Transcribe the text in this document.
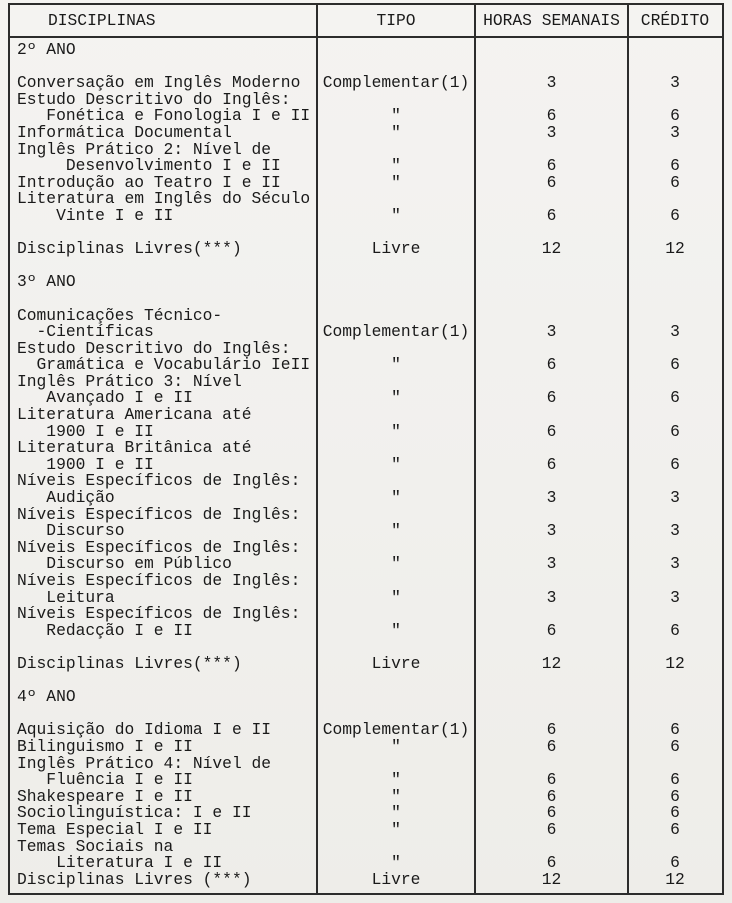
DISCIPLINAS	TIPO	HORAS SEMANAIS	CRÉDITO
2º ANO
Conversação em Inglês Moderno	Complementar(1)	3	3
Estudo Descritivo do Inglês:
Fonética e Fonologia I e II	"	6	6
Informática Documental	"	3	3
Inglês Prático 2: Nível de
Desenvolvimento I e II	"	6	6
Introdução ao Teatro I e II	"	6	6
Literatura em Inglês do Século
Vinte I e II	"	6	6
Disciplinas Livres(***)	Livre	12	12
3º ANO
Comunicações Técnico-
-Científicas	Complementar(1)	3	3
Estudo Descritivo do Inglês:
Gramática e Vocabulário IeII	"	6	6
Inglês Prático 3: Nível
Avançado I e II	"	6	6
Literatura Americana até
1900 I e II	"	6	6
Literatura Britânica até
1900 I e II	"	6	6
Níveis Específicos de Inglês:
Audição	"	3	3
Níveis Específicos de Inglês:
Discurso	"	3	3
Níveis Específicos de Inglês:
Discurso em Público	"	3	3
Níveis Específicos de Inglês:
Leitura	"	3	3
Níveis Específicos de Inglês:
Redacção I e II	"	6	6
Disciplinas Livres(***)	Livre	12	12
4º ANO
Aquisição do Idioma I e II	Complementar(1)	6	6
Bilinguismo I e II	"	6	6
Inglês Prático 4: Nível de
Fluência I e II	"	6	6
Shakespeare I e II	"	6	6
Sociolinguística: I e II	"	6	6
Tema Especial I e II	"	6	6
Temas Sociais na
Literatura I e II	"	6	6
Disciplinas Livres (***)	Livre	12	12
